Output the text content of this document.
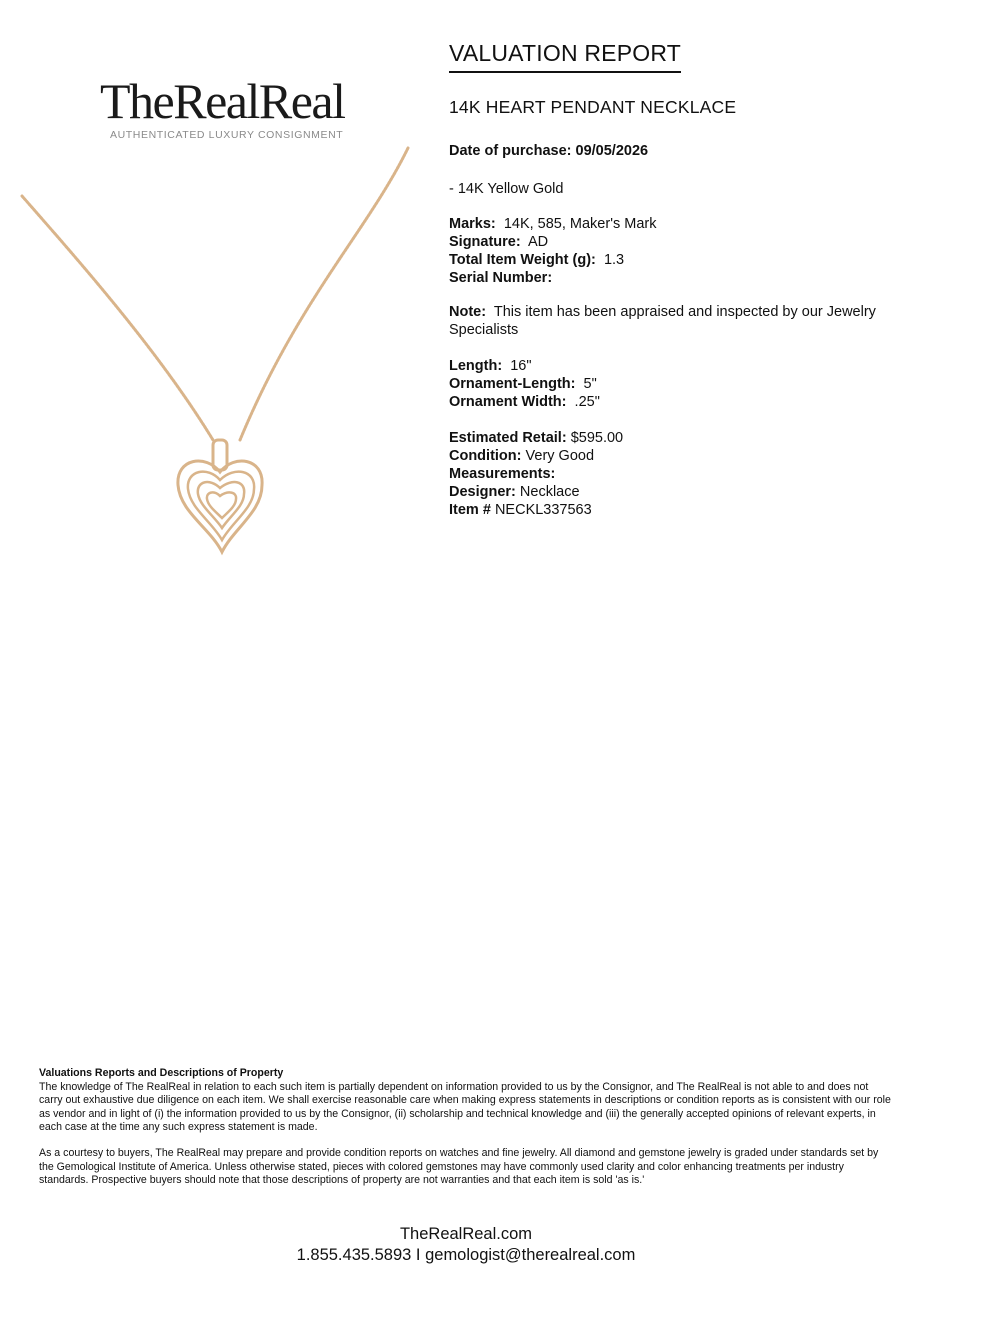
TheRealReal
AUTHENTICATED LUXURY CONSIGNMENT
VALUATION REPORT
14K HEART PENDANT NECKLACE
Date of purchase: 09/05/2026
- 14K Yellow Gold
Marks: 14K, 585, Maker's Mark
Signature: AD
Total Item Weight (g): 1.3
Serial Number:
Note: This item has been appraised and inspected by our Jewelry Specialists
Length: 16"
Ornament-Length: 5"
Ornament Width: .25"
Estimated Retail: $595.00
Condition: Very Good
Measurements:
Designer: Necklace
Item # NECKL337563
Valuations Reports and Descriptions of Property
The knowledge of The RealReal in relation to each such item is partially dependent on information provided to us by the Consignor, and The RealReal is not able to and does not carry out exhaustive due diligence on each item. We shall exercise reasonable care when making express statements in descriptions or condition reports as is consistent with our role as vendor and in light of (i) the information provided to us by the Consignor, (ii) scholarship and technical knowledge and (iii) the generally accepted opinions of relevant experts, in each case at the time any such express statement is made.
As a courtesy to buyers, The RealReal may prepare and provide condition reports on watches and fine jewelry. All diamond and gemstone jewelry is graded under standards set by the Gemological Institute of America. Unless otherwise stated, pieces with colored gemstones may have commonly used clarity and color enhancing treatments per industry standards. Prospective buyers should note that those descriptions of property are not warranties and that each item is sold 'as is.'
TheRealReal.com
1.855.435.5893 I gemologist@therealreal.com
